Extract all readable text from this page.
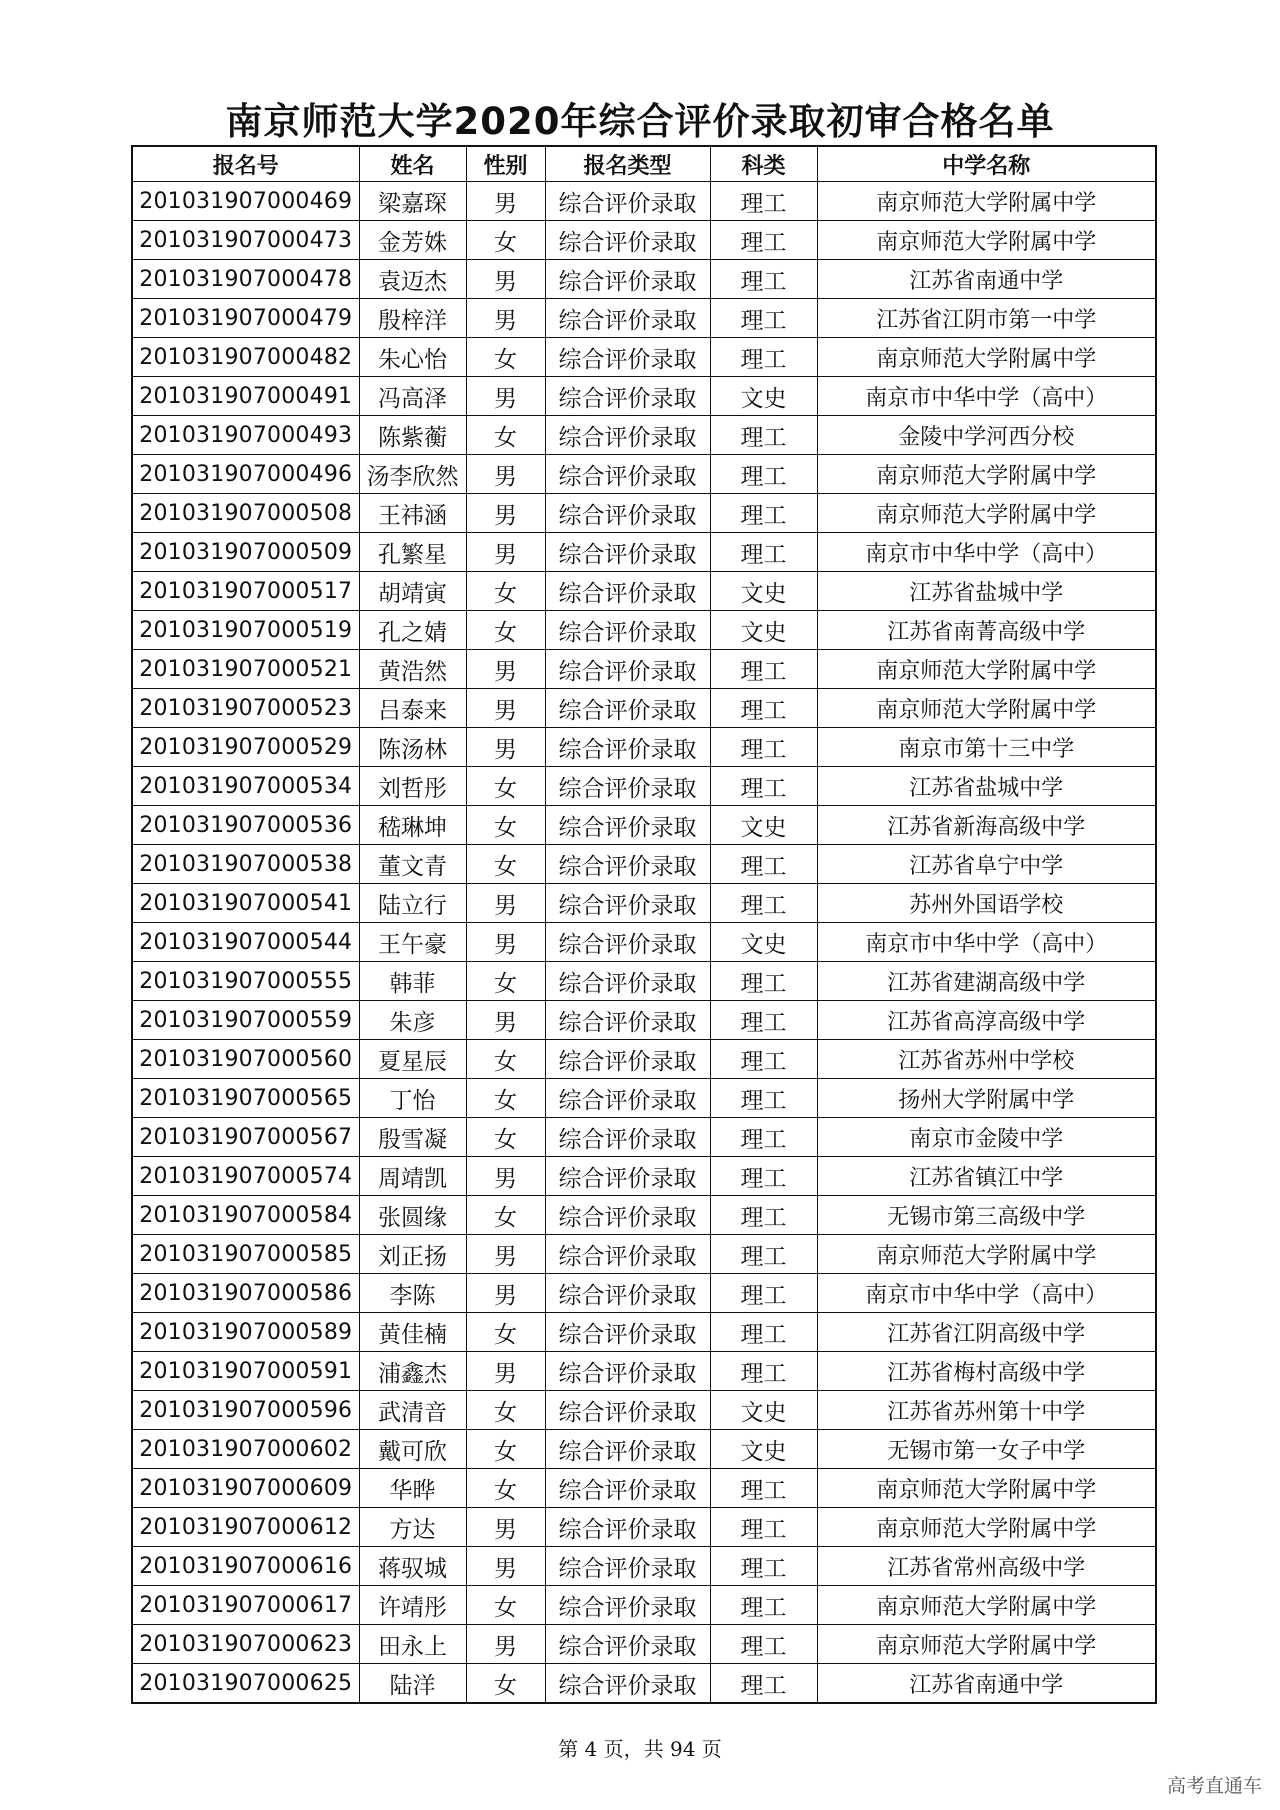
南京师范大学2020年综合评价录取初审合格名单
报名号	姓名	性别	报名类型	科类	中学名称
201031907000469	梁嘉琛	男	综合评价录取	理工	南京师范大学附属中学
201031907000473	金芳姝	女	综合评价录取	理工	南京师范大学附属中学
201031907000478	袁迈杰	男	综合评价录取	理工	江苏省南通中学
201031907000479	殷梓洋	男	综合评价录取	理工	江苏省江阴市第一中学
201031907000482	朱心怡	女	综合评价录取	理工	南京师范大学附属中学
201031907000491	冯高泽	男	综合评价录取	文史	南京市中华中学（高中）
201031907000493	陈紫蘅	女	综合评价录取	理工	金陵中学河西分校
201031907000496	汤李欣然	男	综合评价录取	理工	南京师范大学附属中学
201031907000508	王祎涵	男	综合评价录取	理工	南京师范大学附属中学
201031907000509	孔繁星	男	综合评价录取	理工	南京市中华中学（高中）
201031907000517	胡靖寅	女	综合评价录取	文史	江苏省盐城中学
201031907000519	孔之婧	女	综合评价录取	文史	江苏省南菁高级中学
201031907000521	黄浩然	男	综合评价录取	理工	南京师范大学附属中学
201031907000523	吕泰来	男	综合评价录取	理工	南京师范大学附属中学
201031907000529	陈汤林	男	综合评价录取	理工	南京市第十三中学
201031907000534	刘哲彤	女	综合评价录取	理工	江苏省盐城中学
201031907000536	嵇琳坤	女	综合评价录取	文史	江苏省新海高级中学
201031907000538	董文青	女	综合评价录取	理工	江苏省阜宁中学
201031907000541	陆立行	男	综合评价录取	理工	苏州外国语学校
201031907000544	王午豪	男	综合评价录取	文史	南京市中华中学（高中）
201031907000555	韩菲	女	综合评价录取	理工	江苏省建湖高级中学
201031907000559	朱彦	男	综合评价录取	理工	江苏省高淳高级中学
201031907000560	夏星辰	女	综合评价录取	理工	江苏省苏州中学校
201031907000565	丁怡	女	综合评价录取	理工	扬州大学附属中学
201031907000567	殷雪凝	女	综合评价录取	理工	南京市金陵中学
201031907000574	周靖凯	男	综合评价录取	理工	江苏省镇江中学
201031907000584	张圆缘	女	综合评价录取	理工	无锡市第三高级中学
201031907000585	刘正扬	男	综合评价录取	理工	南京师范大学附属中学
201031907000586	李陈	男	综合评价录取	理工	南京市中华中学（高中）
201031907000589	黄佳楠	女	综合评价录取	理工	江苏省江阴高级中学
201031907000591	浦鑫杰	男	综合评价录取	理工	江苏省梅村高级中学
201031907000596	武清音	女	综合评价录取	文史	江苏省苏州第十中学
201031907000602	戴可欣	女	综合评价录取	文史	无锡市第一女子中学
201031907000609	华晔	女	综合评价录取	理工	南京师范大学附属中学
201031907000612	方达	男	综合评价录取	理工	南京师范大学附属中学
201031907000616	蒋驭城	男	综合评价录取	理工	江苏省常州高级中学
201031907000617	许靖彤	女	综合评价录取	理工	南京师范大学附属中学
201031907000623	田永上	男	综合评价录取	理工	南京师范大学附属中学
201031907000625	陆洋	女	综合评价录取	理工	江苏省南通中学
第 4 页，共 94 页
高考直通车
